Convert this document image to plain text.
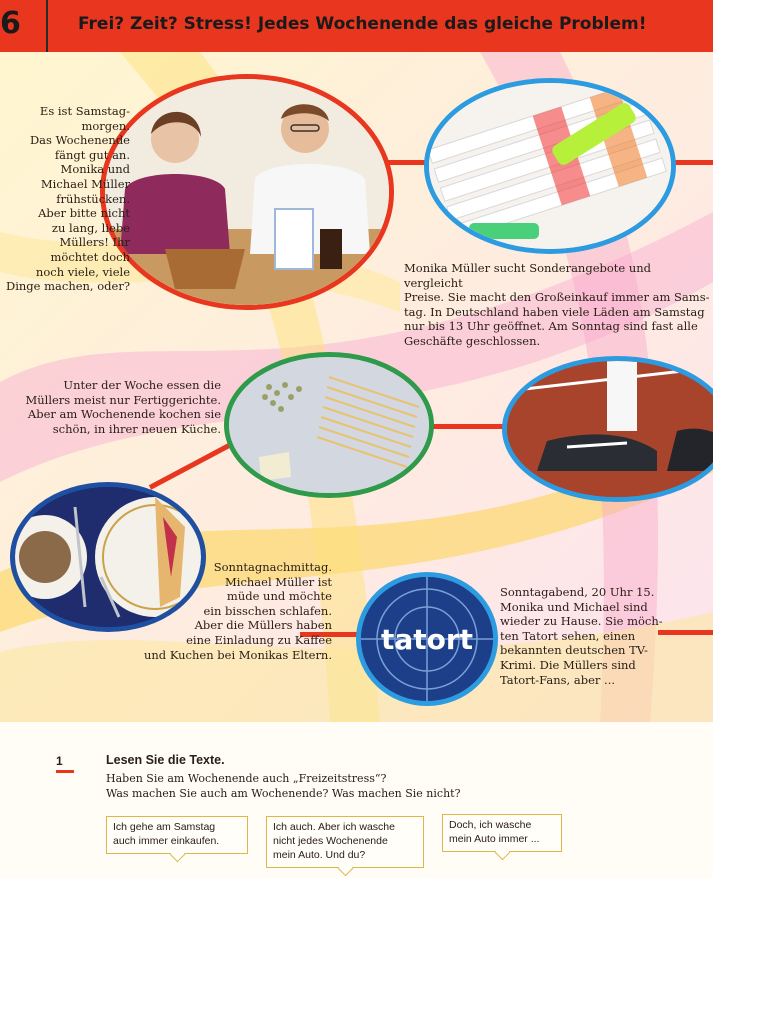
6	Frei? Zeit? Stress! Jedes Wochenende das gleiche Problem!
tatort
Es ist Samstag-
morgen.
Das Wochenende
fängt gut an.
Monika und
Michael Müller
frühstücken.
Aber bitte nicht
zu lang, liebe
Müllers! Ihr
möchtet doch
noch viele, viele
Dinge machen, oder?
Monika Müller sucht Sonderangebote und vergleicht
Preise. Sie macht den Großeinkauf immer am Sams-
tag. In Deutschland haben viele Läden am Samstag
nur bis 13 Uhr geöffnet. Am Sonntag sind fast alle
Geschäfte geschlossen.
Unter der Woche essen die
Müllers meist nur Fertiggerichte.
Aber am Wochenende kochen sie
schön, in ihrer neuen Küche.
Sonntagnachmittag.
Michael Müller ist
müde und möchte
ein bisschen schlafen.
Aber die Müllers haben
eine Einladung zu Kaffee
und Kuchen bei Monikas Eltern.
Sonntagabend, 20 Uhr 15.
Monika und Michael sind
wieder zu Hause. Sie möch-
ten Tatort sehen, einen
bekannten deutschen TV-
Krimi. Die Müllers sind
Tatort-Fans, aber ...
1	Lesen Sie die Texte.
Haben Sie am Wochenende auch „Freizeitstress“?
Was machen Sie auch am Wochenende? Was machen Sie nicht?
Ich gehe am Samstag
auch immer einkaufen.
Ich auch. Aber ich wasche
nicht jedes Wochenende
mein Auto. Und du?
Doch, ich wasche
mein Auto immer ...
